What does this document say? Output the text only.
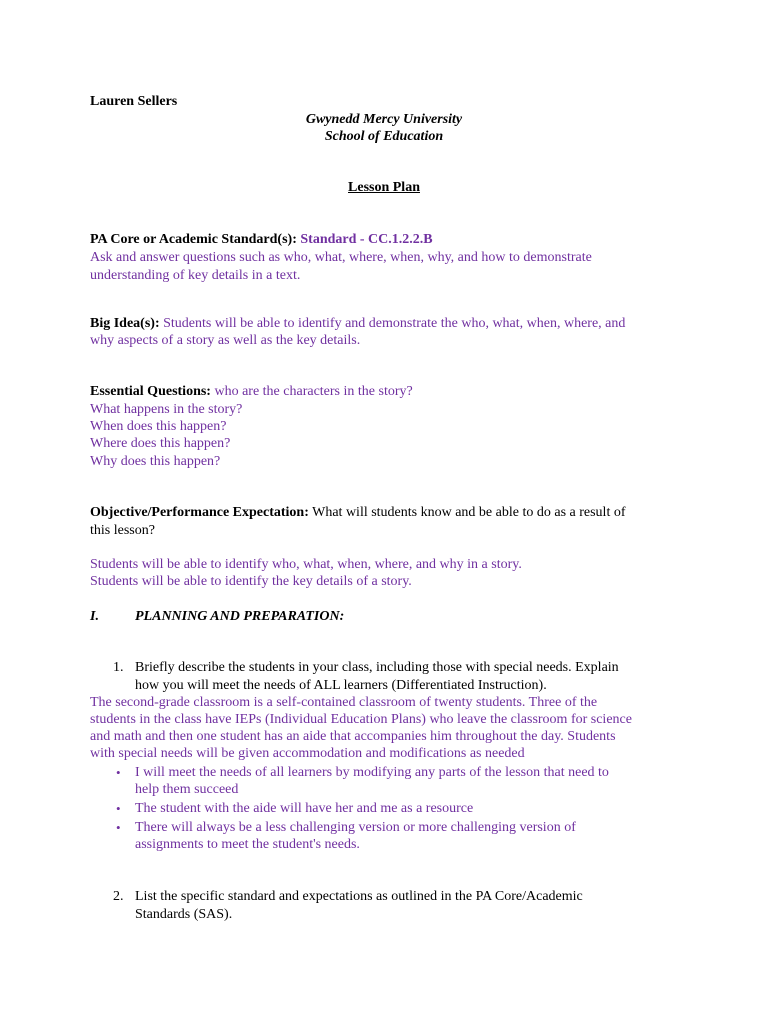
Lauren Sellers
Gwynedd Mercy University
School of Education
Lesson Plan
PA Core or Academic Standard(s): Standard - CC.1.2.2.B
Ask and answer questions such as who, what, where, when, why, and how to demonstrate
understanding of key details in a text.
Big Idea(s): Students will be able to identify and demonstrate the who, what, when, where, and
why aspects of a story as well as the key details.
Essential Questions: who are the characters in the story?
What happens in the story?
When does this happen?
Where does this happen?
Why does this happen?
Objective/Performance Expectation: What will students know and be able to do as a result of
this lesson?
Students will be able to identify who, what, when, where, and why in a story.
Students will be able to identify the key details of a story.
I.	PLANNING AND PREPARATION:
1. Briefly describe the students in your class, including those with special needs. Explain
how you will meet the needs of ALL learners (Differentiated Instruction).
The second-grade classroom is a self-contained classroom of twenty students. Three of the
students in the class have IEPs (Individual Education Plans) who leave the classroom for science
and math and then one student has an aide that accompanies him throughout the day. Students
with special needs will be given accommodation and modifications as needed
• I will meet the needs of all learners by modifying any parts of the lesson that need to
help them succeed
• The student with the aide will have her and me as a resource
• There will always be a less challenging version or more challenging version of
assignments to meet the student's needs.
2. List the specific standard and expectations as outlined in the PA Core/Academic
Standards (SAS).
